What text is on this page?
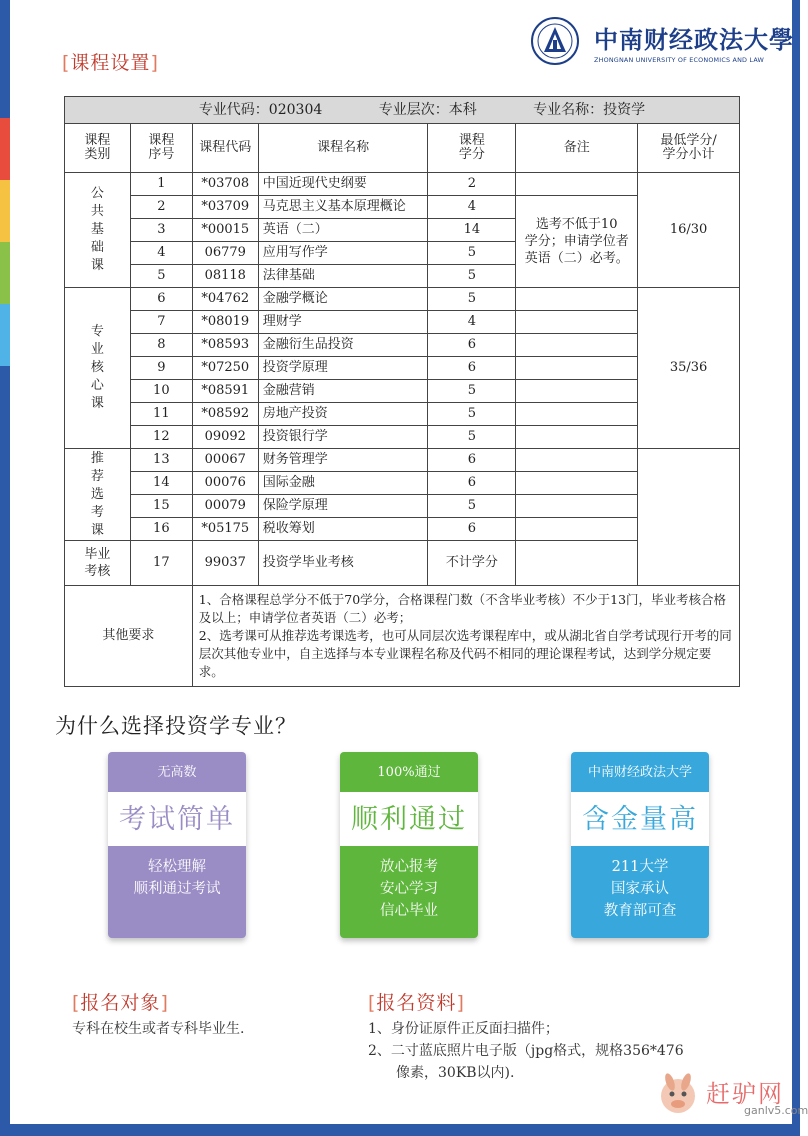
[课程设置]
中南财经政法大學
ZHONGNAN UNIVERSITY OF ECONOMICS AND LAW
专业代码：020304 专业层次：本科 专业名称：投资学						
课程
类别	课程
序号	课程代码	课程名称	课程
学分	备注	最低学分/
学分小计
公
共
基
础
课	1	*03708	中国近现代史纲要	2		16/30
	2	*03709	马克思主义基本原理概论	4	选考不低于10
学分；申请学位者
英语（二）必考。	
	3	*00015	英语（二）	14		
	4	06779	应用写作学	5		
	5	08118	法律基础	5		
专
业
核
心
课	6	*04762	金融学概论	5		35/36
	7	*08019	理财学	4		
	8	*08593	金融衍生品投资	6		
	9	*07250	投资学原理	6		
	10	*08591	金融营销	5		
	11	*08592	房地产投资	5		
	12	09092	投资银行学	5		
推
荐
选
考
课	13	00067	财务管理学	6		
	14	00076	国际金融	6		
	15	00079	保险学原理	5		
	16	*05175	税收筹划	6		
毕业
考核	17	99037	投资学毕业考核	不计学分		
其他要求		1、合格课程总学分不低于70学分，合格课程门数（不含毕业考核）不少于13门，毕业考核合格及以上；申请学位者英语（二）必考；
2、选考课可从推荐选考课选考，也可从同层次选考课程库中，或从湖北省自学考试现行开考的同层次其他专业中，自主选择与本专业课程名称及代码不相同的理论课程考试，达到学分规定要求。				
为什么选择投资学专业？
无高数
考试简单
轻松理解
顺利通过考试
100%通过
顺利通过
放心报考
安心学习
信心毕业
中南财经政法大学
含金量高
211大学
国家承认
教育部可查
[报名对象]
专科在校生或者专科毕业生.
[报名资料]
1、身份证原件正反面扫描件；
2、二寸蓝底照片电子版（jpg格式，规格356*476
像素，30KB以内).
赶驴网
ganlv5.com
